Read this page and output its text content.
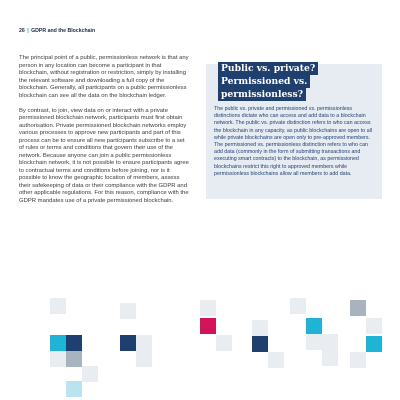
26 | GDPR and the Blockchain

The principal point of a public, permissionless network is that any person in any location can become a participant in that blockchain, without registration or restriction, simply by installing the relevant software and downloading a full copy of the blockchain. Generally, all participants on a public permissionless blockchain can see all the data on the blockchain ledger.

By contrast, to join, view data on or interact with a private permissioned blockchain network, participants must first obtain authorisation. Private permissioned blockchain networks employ various processes to approve new participants and part of this process can be to ensure all new participants subscribe to a set of rules or terms and conditions that govern their use of the network. Because anyone can join a public permissionless blockchain network, it is not possible to ensure participants agree to contractual terms and conditions before joining, nor is it possible to know the geographic location of members, assess their safekeeping of data or their compliance with the GDPR and other applicable regulations. For this reason, compliance with the GDPR mandates use of a private permissioned blockchain.

Public vs. private?
Permissioned vs.
permissionless?
The public vs. private and permissioned vs. permissionless distinctions dictate who can access and add data to a blockchain network. The public vs. private distinction refers to who can access the blockchain in any capacity, as public blockchains are open to all while private blockchains are open only to pre-approved members. The permissioned vs. permissionless distinction refers to who can add data (commonly in the form of submitting transactions and executing smart contracts) to the blockchain, as permissioned blockchains restrict this right to approved members while permissionless blockchains allow all members to add data.
